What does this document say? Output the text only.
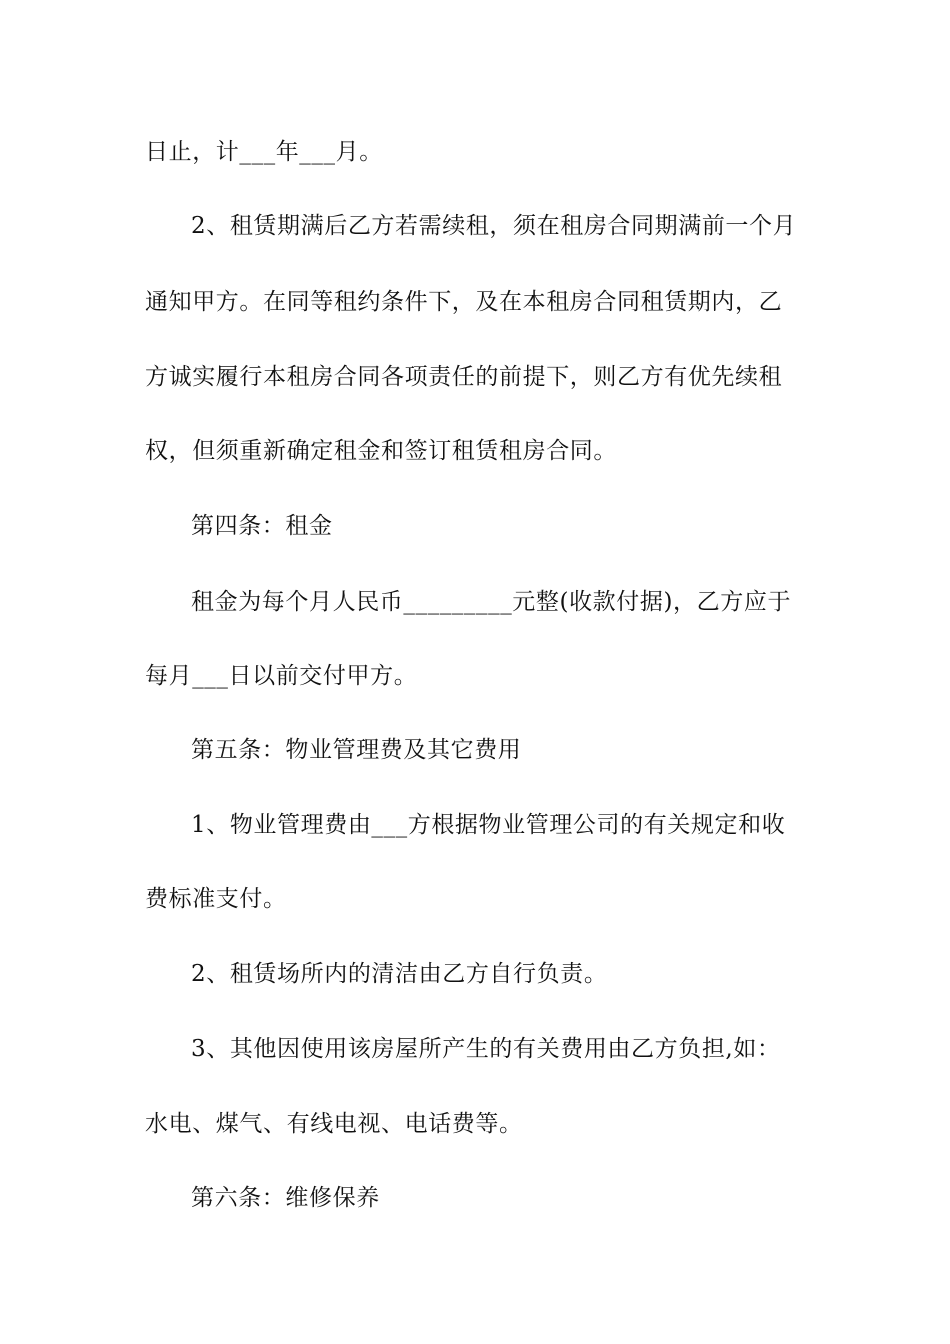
日止，计___年___月。
2、租赁期满后乙方若需续租，须在租房合同期满前一个月
通知甲方。在同等租约条件下，及在本租房合同租赁期内，乙
方诚实履行本租房合同各项责任的前提下，则乙方有优先续租
权，但须重新确定租金和签订租赁租房合同。
第四条：租金
租金为每个月人民币_________元整(收款付据)，乙方应于
每月___日以前交付甲方。
第五条：物业管理费及其它费用
1、物业管理费由___方根据物业管理公司的有关规定和收
费标准支付。
2、租赁场所内的清洁由乙方自行负责。
3、其他因使用该房屋所产生的有关费用由乙方负担,如：
水电、煤气、有线电视、电话费等。
第六条：维修保养
